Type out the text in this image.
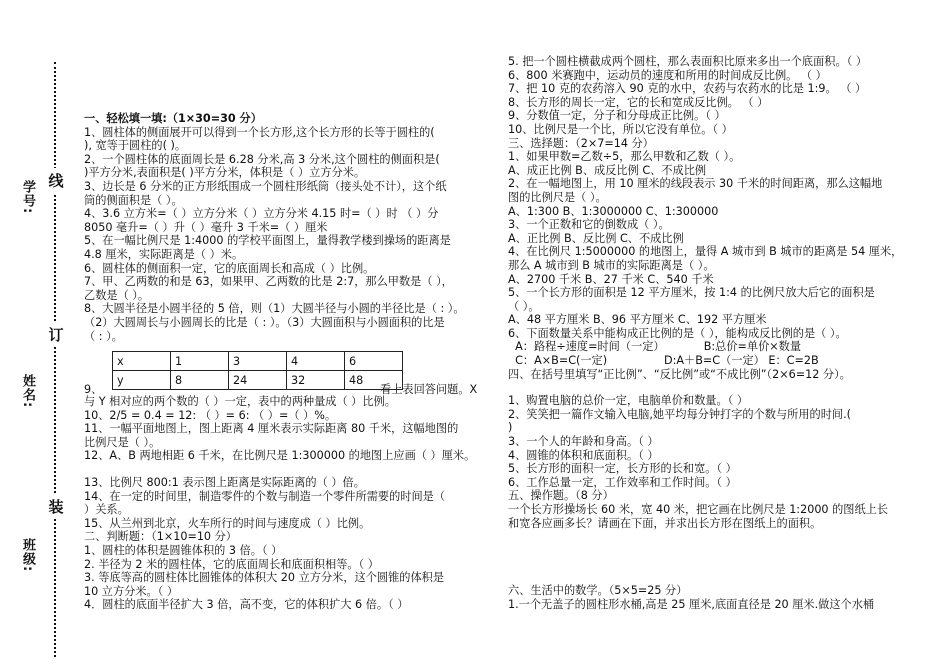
学号: 线
订
姓名:
装
班级:

一、轻松填一填:（1×30=30 分）

1、圆柱体的侧面展开可以得到一个长方形,这个长方形的长等于圆柱的(

), 宽等于圆柱的( )。

2、一个圆柱体的底面周长是 6.28 分米,高 3 分米,这个圆柱的侧面积是(

)平方分米,表面积是( )平方分米，体积是（ ）立方分米。

3、边长是 6 分米的正方形纸围成一个圆柱形纸筒（接头处不计），这个纸

筒的侧面积是（ ）。

4、3.6 立方米=（ ）立方分米（ ）立方分米 4.15 时=（ ）时 （ ）分

8050 毫升=（ ）升（ ）毫升 3 千米=（ ）厘米

5、在一幅比例尺是 1:4000 的学校平面图上，量得教学楼到操场的距离是

4.8 厘米，实际距离是（ ）米。

6、圆柱体的侧面积一定，它的底面周长和高成（ ）比例。

7、甲、乙两数的和是 63，如果甲、乙两数的比是 2:7，那么甲数是（ ），

乙数是（ ）。

8、大圆半径是小圆半径的 5 倍，则（1）大圆半径与小圆的半径比是（ : ）。

（2）大圆周长与小圆周长的比是（ : ）。（3）大圆面积与小圆面积的比是

（ : ）。

9、
x	1	3	4	6
y	8	24	32	48
看上表回答问题。X

与 Y 相对应的两个数的（ ）一定，表中的两种量成（ ）比例。

10、2/5 = 0.4 = 12: （ ）= 6: （ ）=（ ）%。

11、一幅平面地图上，图上距离 4 厘米表示实际距离 80 千米，这幅地图的

比例尺是（ ）。

12、A、B 两地相距 6 千米，在比例尺是 1:300000 的地图上应画（ ）厘米。

13、比例尺 800:1 表示图上距离是实际距离的（ ）倍。

14、在一定的时间里，制造零件的个数与制造一个零件所需要的时间是（

）关系。

15、从兰州到北京，火车所行的时间与速度成（ ）比例。

二、判断题：（1×10=10 分）

1、圆柱的体积是圆锥体积的 3 倍。（ ）

2. 半径为 2 米的圆柱体，它的底面周长和底面积相等。（ ）

3. 等底等高的圆柱体比圆锥体的体积大 20 立方分米，这个圆锥的体积是

10 立方分米。（ ）

4．圆柱的底面半径扩大 3 倍，高不变，它的体积扩大 6 倍。（ ）

5. 把一个圆柱横截成两个圆柱，那么表面积比原来多出一个底面积。（ ）

6、800 米赛跑中，运动员的速度和所用的时间成反比例。 （ ）

7、把 10 克的农药溶入 90 克的水中，农药与农药水的比是 1:9。 （ ）

8、长方形的周长一定，它的长和宽成反比例。 （ ）

9、分数值一定，分子和分母成正比例。（ ）

10、比例尺是一个比，所以它没有单位。（ ）

三、选择题：（2×7=14 分）

1、如果甲数=乙数÷5，那么甲数和乙数（ ）。

A、成正比例 B、成反比例 C、不成比例

2、在一幅地图上，用 10 厘米的线段表示 30 千米的时间距离，那么这幅地

图的比例尺是（ ）。

A、1:300 B、1:3000000 C、1:300000

3、一个正数和它的倒数成（ ）。

A、正比例 B、反比例 C、不成比例

4、在比例尺 1:5000000 的地图上，量得 A 城市到 B 城市的距离是 54 厘米，

那么 A 城市到 B 城市的实际距离是（ ）。

A、2700 千米 B、27 千米 C、540 千米

5、一个长方形的面积是 12 平方厘米，按 1:4 的比例尺放大后它的面积是

（ ）。

A、48 平方厘米 B、96 平方厘米 C、192 平方厘米

6、下面数量关系中能构成正比例的是（ ），能构成反比例的是（ ）。

A：路程÷速度=时间（一定）           B:总价=单价×数量

C：A×B=C(一定)                D:A＋B=C（一定） E：C=2B

四、在括号里填写“正比例”、“反比例”或“不成比例”（2×6=12 分）。

1、购置电脑的总价一定，电脑单价和数量。（ ）

2、笑笑把一篇作文输入电脑,她平均每分钟打字的个数与所用的时间.(

)

3、一个人的年龄和身高。（ ）

4、圆锥的体积和底面积。（ ）

5、长方形的面积一定，长方形的长和宽。（ ）

6、工作总量一定，工作效率和工作时间。（ ）

五、操作题。（8 分）

一个长方形操场长 60 米，宽 40 米，把它画在比例尺是 1:2000 的图纸上长

和宽各应画多长？请画在下面，并求出长方形在图纸上的面积。

六、生活中的数学。（5×5=25 分）

1.一个无盖子的圆柱形水桶,高是 25 厘米,底面直径是 20 厘米.做这个水桶
